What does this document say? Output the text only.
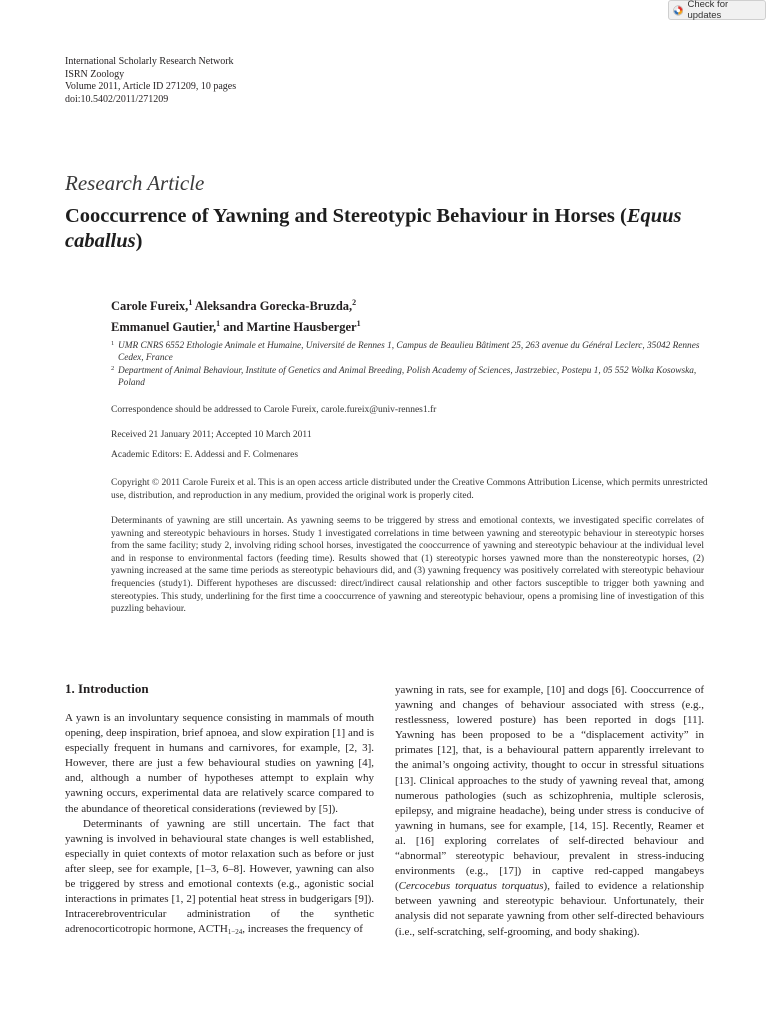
Check for updates
International Scholarly Research Network
ISRN Zoology
Volume 2011, Article ID 271209, 10 pages
doi:10.5402/2011/271209
Research Article
Cooccurrence of Yawning and Stereotypic Behaviour in Horses (Equus caballus)
Carole Fureix,$^1$ Aleksandra Gorecka-Bruzda,$^2$
Emmanuel Gautier,$^1$ and Martine Hausberger$^1$
1 UMR CNRS 6552 Ethologie Animale et Humaine, Université de Rennes 1, Campus de Beaulieu Bâtiment 25, 263 avenue du Général Leclerc, 35042 Rennes Cedex, France
2 Department of Animal Behaviour, Institute of Genetics and Animal Breeding, Polish Academy of Sciences, Jastrzebiec, Postepu 1, 05 552 Wolka Kosowska, Poland
Correspondence should be addressed to Carole Fureix, carole.fureix@univ-rennes1.fr
Received 21 January 2011; Accepted 10 March 2011
Academic Editors: E. Addessi and F. Colmenares
Copyright © 2011 Carole Fureix et al. This is an open access article distributed under the Creative Commons Attribution License, which permits unrestricted use, distribution, and reproduction in any medium, provided the original work is properly cited.
Determinants of yawning are still uncertain. As yawning seems to be triggered by stress and emotional contexts, we investigated specific correlates of yawning and stereotypic behaviours in horses. Study 1 investigated correlations in time between yawning and stereotypic behaviour in stereotypic horses from the same facility; study 2, involving riding school horses, investigated the cooccurrence of yawning and stereotypic behaviour at the individual level and in response to environmental factors (feeding time). Results showed that (1) stereotypic horses yawned more than the nonstereotypic horses, (2) yawning increased at the same time periods as stereotypic behaviours did, and (3) yawning frequency was positively correlated with stereotypic behaviour frequencies (study1). Different hypotheses are discussed: direct/indirect causal relationship and other factors susceptible to trigger both yawning and stereotypies. This study, underlining for the first time a cooccurrence of yawning and stereotypic behaviour, opens a promising line of investigation of this puzzling behaviour.
1. Introduction

A yawn is an involuntary sequence consisting in mammals of mouth opening, deep inspiration, brief apnoea, and slow expiration [1] and is especially frequent in humans and carnivores, for example, [2, 3]. However, there are just a few behavioural studies on yawning [4], and, although a number of hypotheses attempt to explain why yawning occurs, experimental data are relatively scarce compared to the abundance of theoretical considerations (reviewed by [5]).

Determinants of yawning are still uncertain. The fact that yawning is involved in behavioural state changes is well established, especially in quiet contexts of motor relaxation such as before or just after sleep, see for example, [1–3, 6–8]. However, yawning can also be triggered by stress and emotional contexts (e.g., agonistic social interactions in primates [1, 2] potential heat stress in budgerigars [9]). Intracerebroventricular administration of the synthetic adrenocorticotropic hormone, $ACTH_{1-24}$, increases the frequency of

yawning in rats, see for example, [10] and dogs [6]. Cooccurrence of yawning and changes of behaviour associated with stress (e.g., restlessness, lowered posture) has been reported in dogs [11]. Yawning has been proposed to be a “displacement activity” in primates [12], that, is a behavioural pattern apparently irrelevant to the animal’s ongoing activity, thought to occur in stressful situations [13]. Clinical approaches to the study of yawning reveal that, among numerous pathologies (such as schizophrenia, multiple sclerosis, epilepsy, and migraine headache), being under stress is conducive of yawning in humans, see for example, [14, 15]. Recently, Reamer et al. [16] exploring correlates of self-directed behaviour and “abnormal” stereotypic behaviour, prevalent in stress-inducing environments (e.g., [17]) in captive red-capped mangabeys (Cercocebus torquatus torquatus), failed to evidence a relationship between yawning and stereotypic behaviour. Unfortunately, their analysis did not separate yawning from other self-directed behaviours (i.e., self-scratching, self-grooming, and body shaking).
